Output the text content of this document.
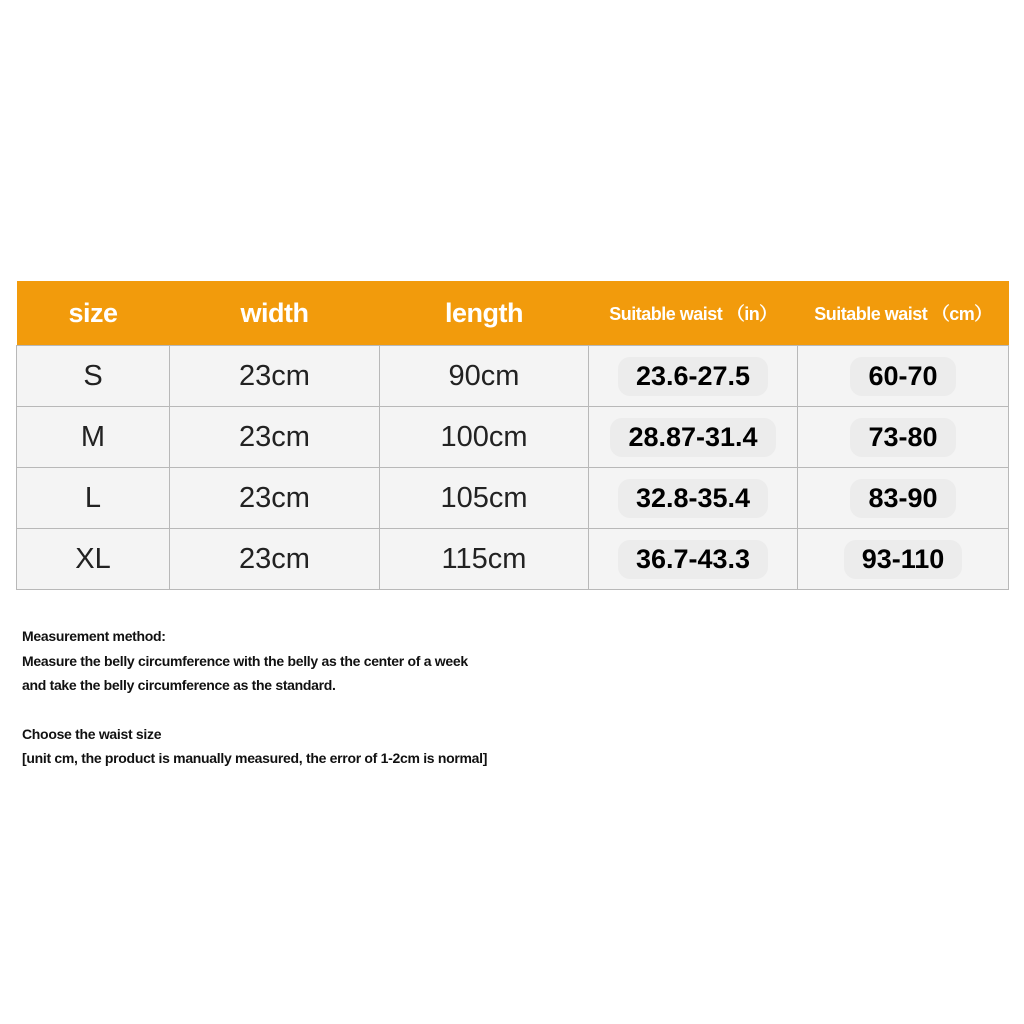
size	width	length	Suitable waist （in）	Suitable waist （cm）
S	23cm	90cm	23.6-27.5	60-70
M	23cm	100cm	28.87-31.4	73-80
L	23cm	105cm	32.8-35.4	83-90
XL	23cm	115cm	36.7-43.3	93-110

Measurement method:

Measure the belly circumference with the belly as the center of a week

and take the belly circumference as the standard.

Choose the waist size

[unit cm, the product is manually measured, the error of 1-2cm is normal]
